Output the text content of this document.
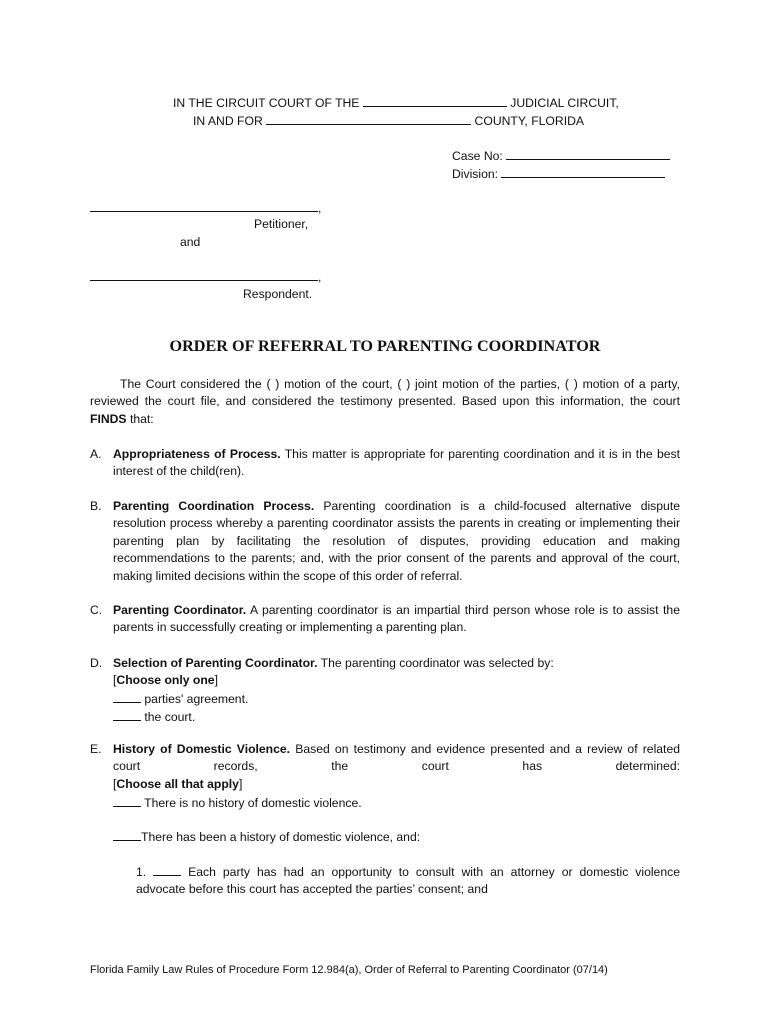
IN THE CIRCUIT COURT OF THE	JUDICIAL CIRCUIT,
IN AND FOR	COUNTY, FLORIDA
Case No:
Division:
,
Petitioner,
and
,
Respondent.
ORDER OF REFERRAL TO PARENTING COORDINATOR
The Court considered the ( ) motion of the court, ( ) joint motion of the parties, ( ) motion of a party, reviewed the court file, and considered the testimony presented. Based upon this information, the court FINDS that:
A. Appropriateness of Process. This matter is appropriate for parenting coordination and it is in the best interest of the child(ren).
B. Parenting Coordination Process. Parenting coordination is a child-focused alternative dispute resolution process whereby a parenting coordinator assists the parents in creating or implementing their parenting plan by facilitating the resolution of disputes, providing education and making recommendations to the parents; and, with the prior consent of the parents and approval of the court, making limited decisions within the scope of this order of referral.
C. Parenting Coordinator. A parenting coordinator is an impartial third person whose role is to assist the parents in successfully creating or implementing a parenting plan.
D. Selection of Parenting Coordinator. The parenting coordinator was selected by:
[Choose only one]
parties' agreement.
the court.
E. History of Domestic Violence. Based on testimony and evidence presented and a review of related court records, the court has determined:
[Choose all that apply]
There is no history of domestic violence.
There has been a history of domestic violence, and:
1.	Each party has had an opportunity to consult with an attorney or domestic violence
advocate before this court has accepted the parties’ consent; and
Florida Family Law Rules of Procedure Form 12.984(a), Order of Referral to Parenting Coordinator (07/14)
